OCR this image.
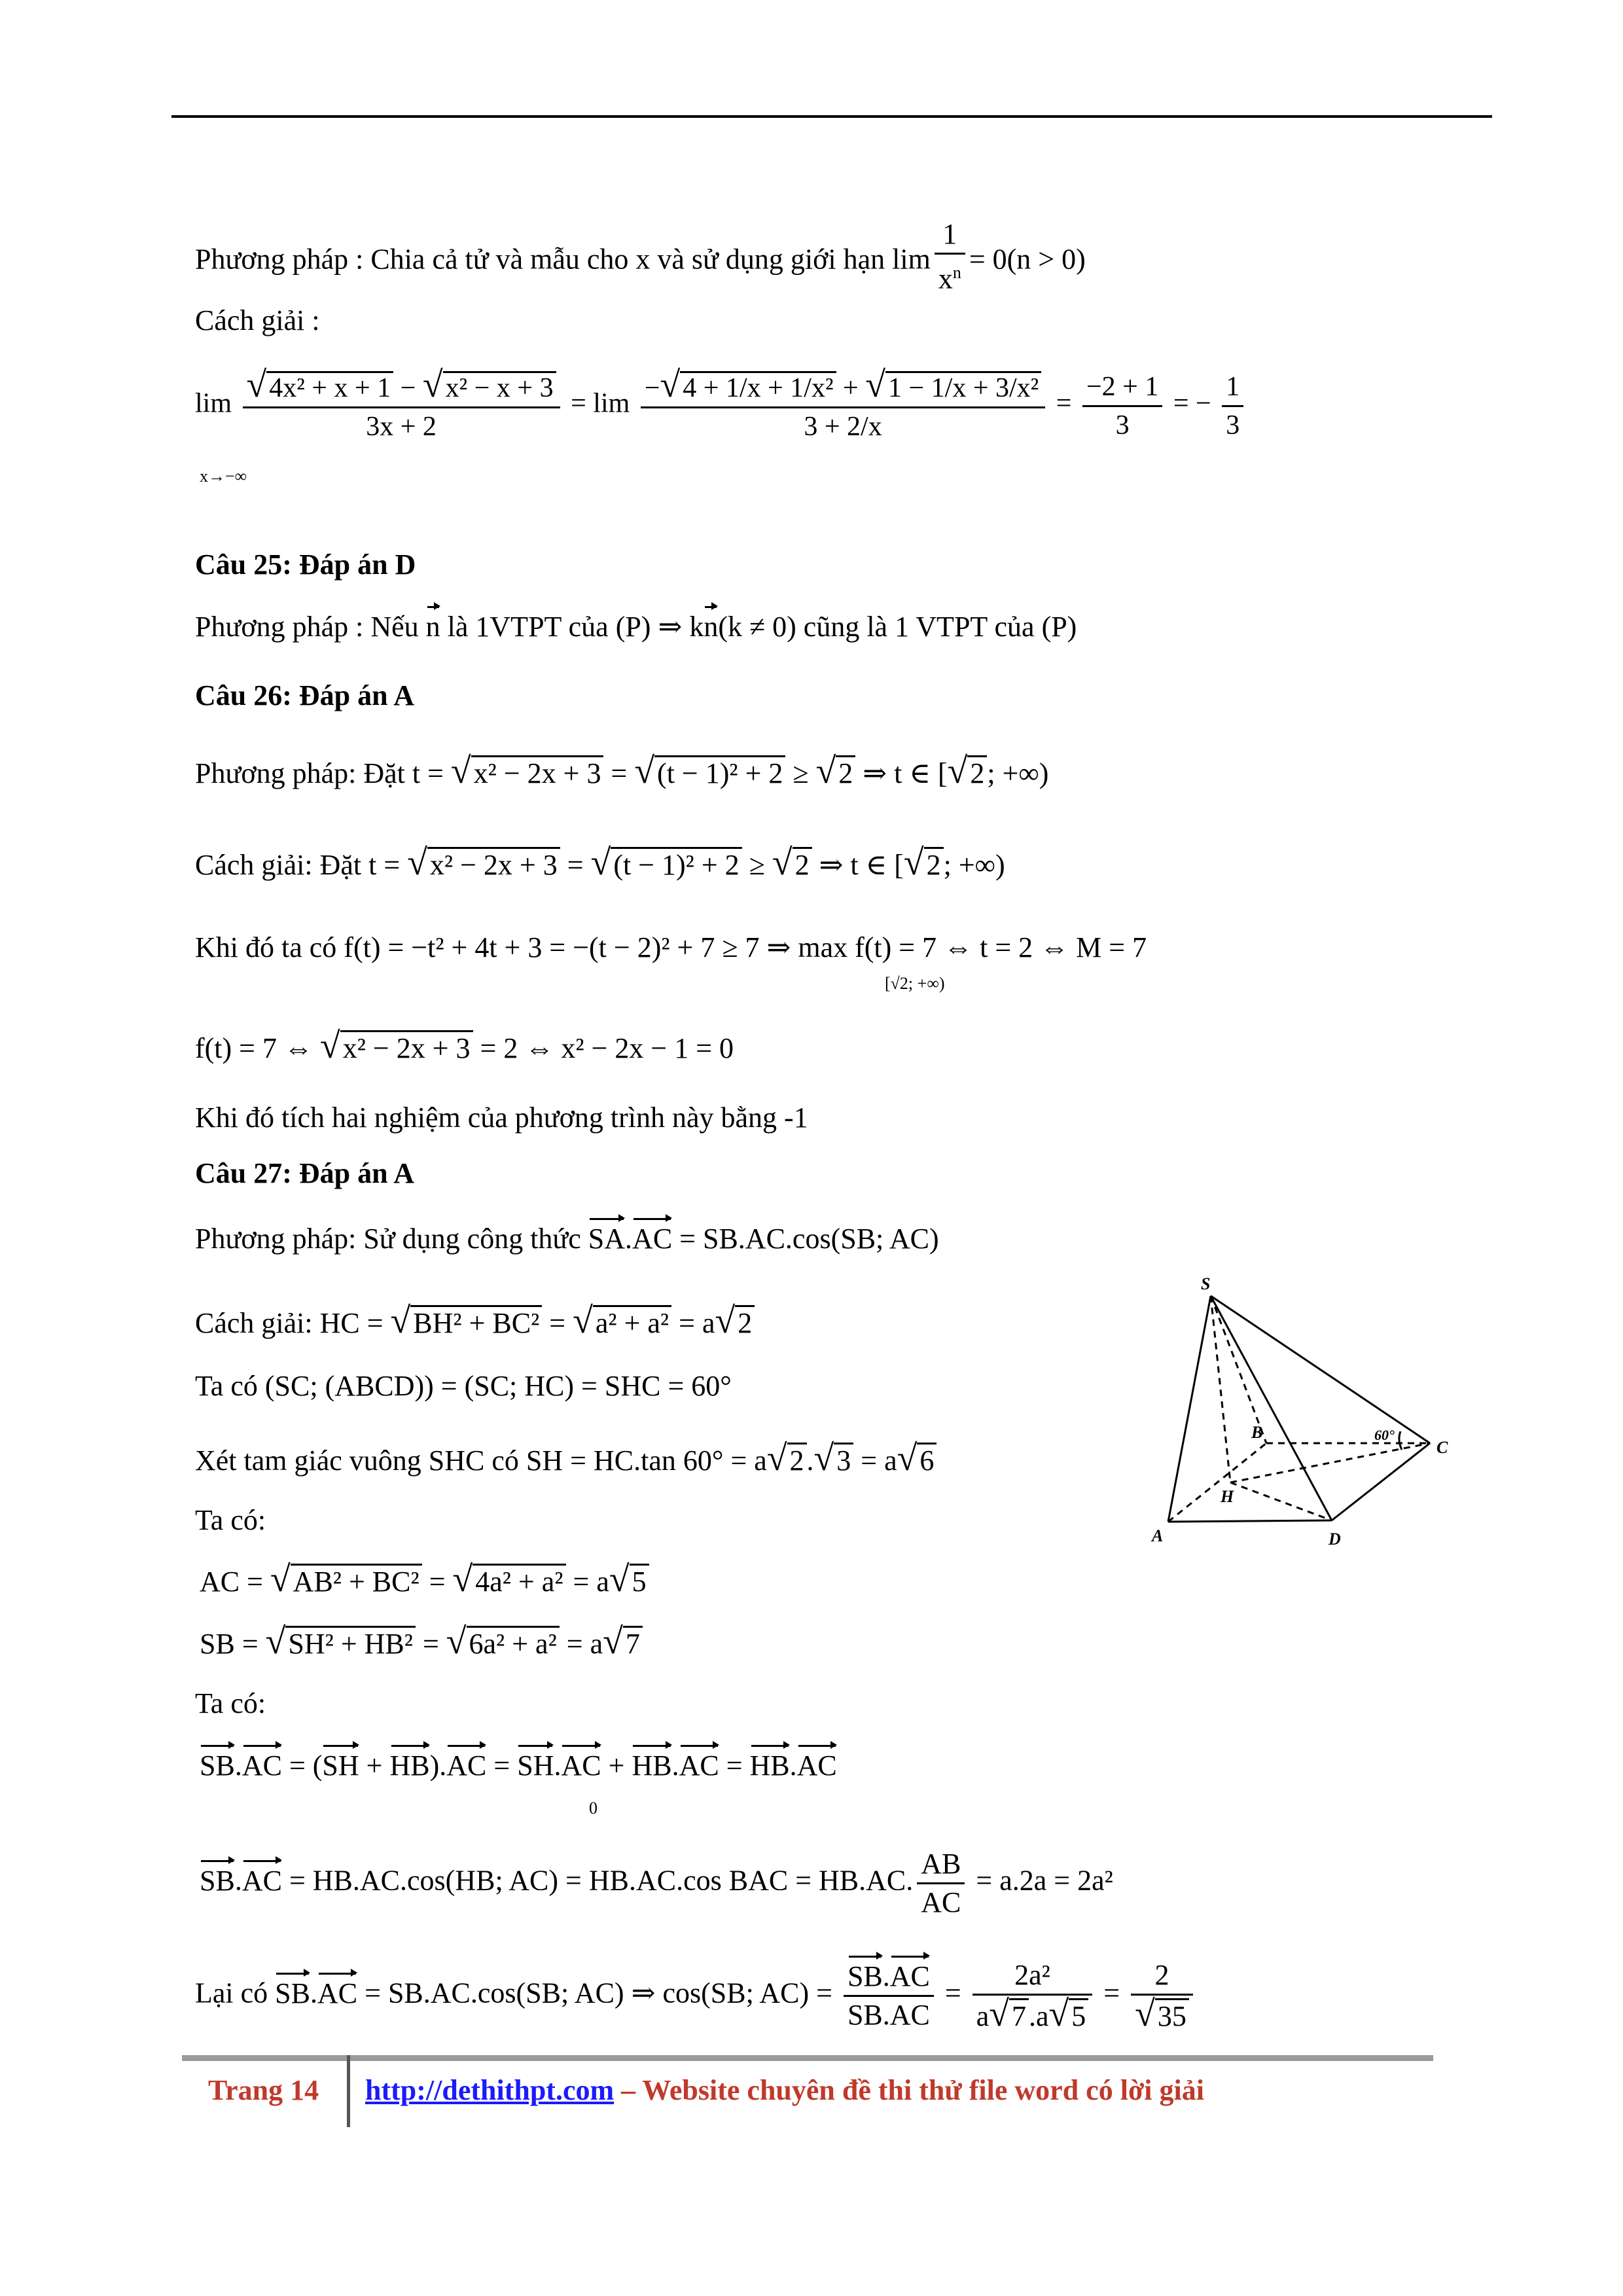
Phương pháp : Chia cả tử và mẫu cho x và sử dụng giới hạn $\lim \frac{1}{x^n} = 0(n > 0)$
Cách giải :
$\lim \frac{\text{√4x² + x + 1 − √x² − x + 3}}{3x + 2} = \lim \frac{\text{−√4 + 1/x + 1/x² + √1 − 1/x + 3/x²}}{3 + 2/x} = \frac{-2 + 1}{3}$ = − $\frac{1}{3}$
x→−∞
Câu 25: Đáp án D
Phương pháp : Nếu n là 1VTPT của (P) ⇒ kn(k ≠ 0) cũng là 1 VTPT của (P)
Câu 26: Đáp án A
Phương pháp: Đặt t = √x² − 2x + 3 = √(t − 1)² + 2 ≥ √2 ⇒ t ∈ [√2; +∞)
Cách giải: Đặt t = √x² − 2x + 3 = √(t − 1)² + 2 ≥ √2 ⇒ t ∈ [√2; +∞)
Khi đó ta có f(t) = −t² + 4t + 3 = −(t − 2)² + 7 ≥ 7 ⇒ max f(t) = 7 ⇔ t = 2 ⇔ M = 7
[√2; +∞)
f(t) = 7 ⇔ √x² − 2x + 3 = 2 ⇔ x² − 2x − 1 = 0
Khi đó tích hai nghiệm của phương trình này bằng -1
Câu 27: Đáp án A
Phương pháp: Sử dụng công thức SA.AC = SB.AC.cos(SB; AC)
Cách giải: HC = √BH² + BC² = √a² + a² = a√2
Ta có (SC; (ABCD)) = (SC; HC) = SHC = 60°
Xét tam giác vuông SHC có SH = HC.tan 60° = a√2.√3 = a√6
Ta có:
AC = √AB² + BC² = √4a² + a² = a√5
SB = √SH² + HB² = √6a² + a² = a√7
Ta có:
SB.AC = (SH + HB).AC = SH.AC + HB.AC = HB.AC
0
SB.AC = HB.AC.cos(HB; AC) = HB.AC.cos BAC = HB.AC. $\frac{AB}{AC} = a.2a = 2a^2$
Lại có SB.AC = SB.AC.cos(SB; AC) ⇒ cos(SB; $AC) = \frac{SB.AC}{SB.AC} = \frac{\text{2a²}}{a√7.a√5} = \frac{2}{√35}$
S
B
C
H
A	D
60°
Trang 14 http://dethithpt.com – Website chuyên đề thi thử file word có lời giải
